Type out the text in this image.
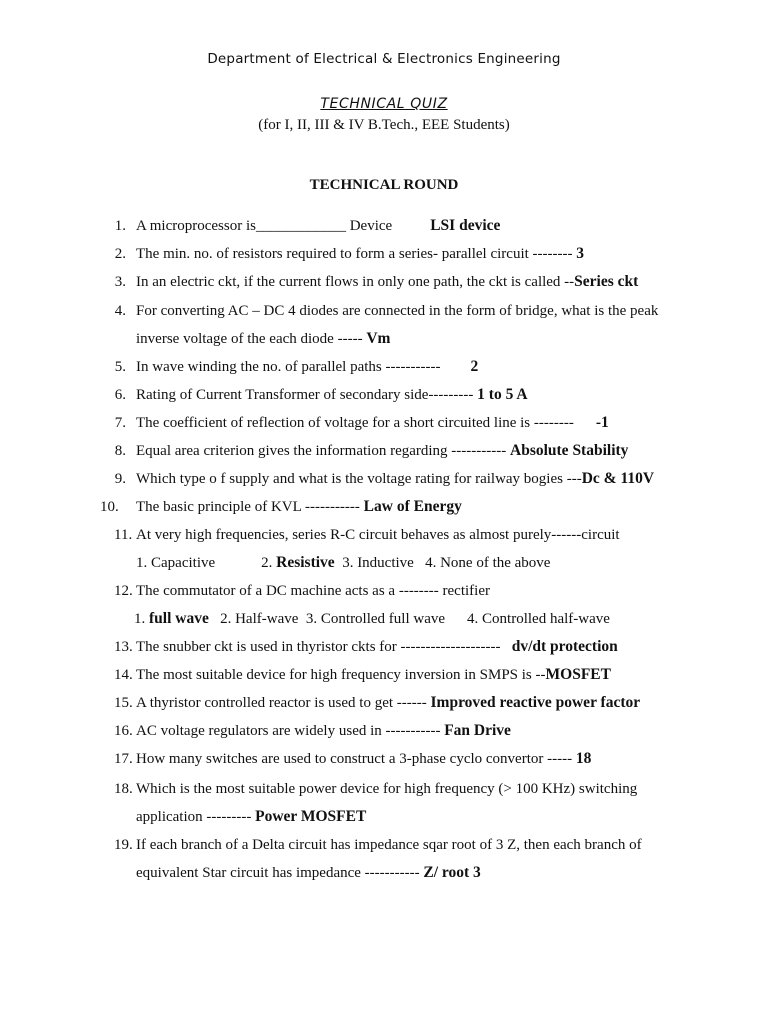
Department of Electrical & Electronics Engineering
TECHNICAL QUIZ
(for I, II, III & IV B.Tech., EEE Students)
TECHNICAL ROUND
1. A microprocessor is____________ Device LSI device
2. The min. no. of resistors required to form a series- parallel circuit -------- 3
3. In an electric ckt, if the current flows in only one path, the ckt is called --Series ckt
4. For converting AC – DC 4 diodes are connected in the form of bridge, what is the peak
inverse voltage of the each diode ----- Vm
5. In wave winding the no. of parallel paths ----------- 2
6. Rating of Current Transformer of secondary side--------- 1 to 5 A
7. The coefficient of reflection of voltage for a short circuited line is -------- -1
8. Equal area criterion gives the information regarding ----------- Absolute Stability
9. Which type o f supply and what is the voltage rating for railway bogies ---Dc & 110V
10.	The basic principle of KVL ----------- Law of Energy
11. At very high frequencies, series R-C circuit behaves as almost purely------circuit
1. Capacitive	2. Resistive 3. Inductive 4. None of the above
12. The commutator of a DC machine acts as a -------- rectifier
1. full wave 2. Half-wave 3. Controlled full wave 4. Controlled half-wave
13. The snubber ckt is used in thyristor ckts for --------------------   dv/dt protection
14. The most suitable device for high frequency inversion in SMPS is --MOSFET
15. A thyristor controlled reactor is used to get ------ Improved reactive power factor
16. AC voltage regulators are widely used in ----------- Fan Drive
17. How many switches are used to construct a 3-phase cyclo convertor ----- 18
18. Which is the most suitable power device for high frequency (> 100 KHz) switching
application --------- Power MOSFET
19. If each branch of a Delta circuit has impedance sqar root of 3 Z, then each branch of
equivalent Star circuit has impedance ----------- Z/ root 3
